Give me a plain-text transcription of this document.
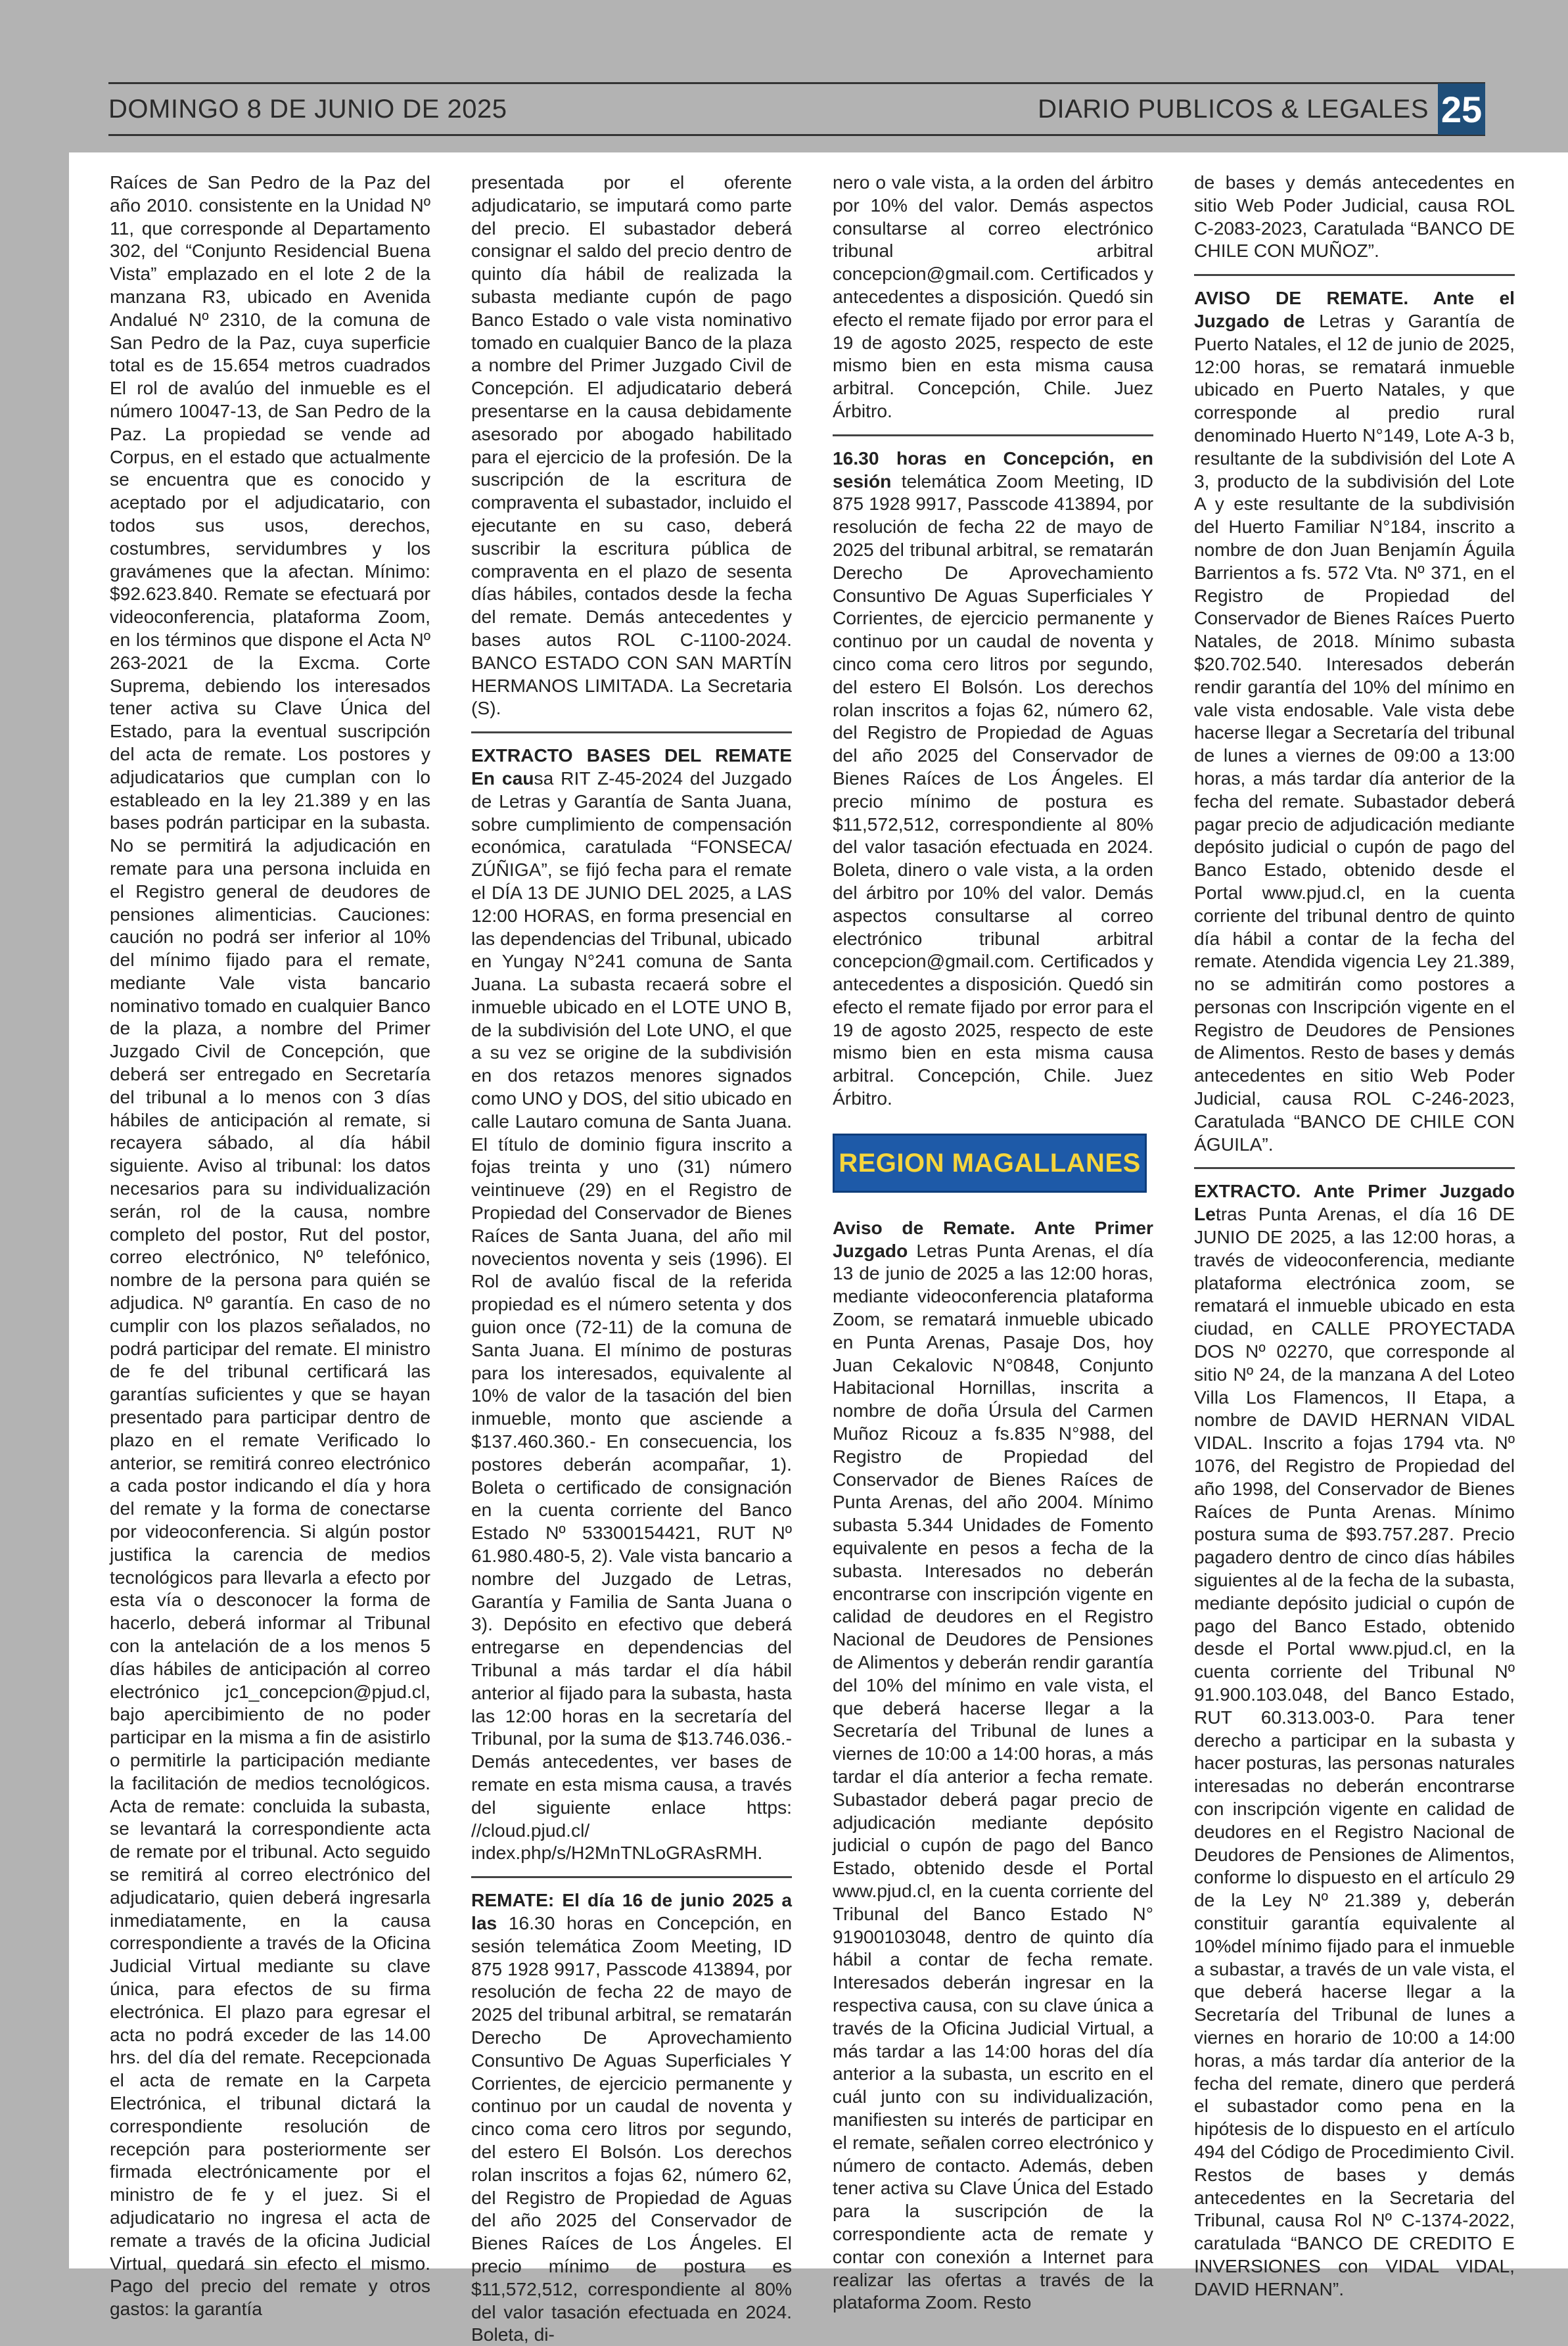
DOMINGO 8 DE JUNIO DE 2025	DIARIO PUBLICOS & LEGALES 25

Raíces de San Pedro de la Paz del año 2010. consistente en la Unidad Nº 11, que corresponde al Departamento 302, del “Conjunto Residencial Buena Vista” emplazado en el lote 2 de la manzana R3, ubicado en Avenida Andalué Nº 2310, de la comuna de San Pedro de la Paz, cuya superficie total es de 15.654 metros cuadrados El rol de avalúo del inmueble es el número 10047-13, de San Pedro de la Paz. La propiedad se vende ad Corpus, en el estado que actualmente se encuentra que es conocido y aceptado por el adjudicatario, con todos sus usos, derechos, costumbres, servidumbres y los gravámenes que la afectan. Mínimo: $92.623.840. Remate se efectuará por videoconferencia, plataforma Zoom, en los términos que dispone el Acta Nº 263-2021 de la Excma. Corte Suprema, debiendo los interesados tener activa su Clave Única del Estado, para la eventual suscripción del acta de remate. Los postores y adjudicatarios que cumplan con lo estableado en la ley 21.389 y en las bases podrán participar en la subasta. No se permitirá la adjudicación en remate para una persona incluida en el Registro general de deudores de pensiones alimenticias. Cauciones: caución no podrá ser inferior al 10% del mínimo fijado para el remate, mediante Vale vista bancario nominativo tomado en cualquier Banco de la plaza, a nombre del Primer Juzgado Civil de Concepción, que deberá ser entregado en Secretaría del tribunal a lo menos con 3 días hábiles de anticipación al remate, si recayera sábado, al día hábil siguiente. Aviso al tribunal: los datos necesarios para su individualización serán, rol de la causa, nombre completo del postor, Rut del postor, correo electrónico, Nº telefónico, nombre de la persona para quién se adjudica. Nº garantía. En caso de no cumplir con los plazos señalados, no podrá participar del remate. El ministro de fe del tribunal certificará las garantías suficientes y que se hayan presentado para participar dentro de plazo en el remate Verificado lo anterior, se remitirá conreo electrónico a cada postor indicando el día y hora del remate y la forma de conectarse por videoconferencia. Si algún postor justifica la carencia de medios tecnológicos para llevarla a efecto por esta vía o desconocer la forma de hacerlo, deberá informar al Tribunal con la antelación de a los menos 5 días hábiles de anticipación al correo electrónico jc1_concepcion@pjud.cl, bajo apercibimiento de no poder participar en la misma a fin de asistirlo o permitirle la participación mediante la facilitación de medios tecnológicos. Acta de remate: concluida la subasta, se levantará la correspondiente acta de remate por el tribunal. Acto seguido se remitirá al correo electrónico del adjudicatario, quien deberá ingresarla inmediatamente, en la causa correspondiente a través de la Oficina Judicial Virtual mediante su clave única, para efectos de su firma electrónica. El plazo para egresar el acta no podrá exceder de las 14.00 hrs. del día del remate. Recepcionada el acta de remate en la Carpeta Electrónica, el tribunal dictará la correspondiente resolución de recepción para posteriormente ser firmada electrónicamente por el ministro de fe y el juez. Si el adjudicatario no ingresa el acta de remate a través de la oficina Judicial Virtual, quedará sin efecto el mismo. Pago del precio del remate y otros gastos: la garantía

presentada por el oferente adjudicatario, se imputará como parte del precio. El subastador deberá consignar el saldo del precio dentro de quinto día hábil de realizada la subasta mediante cupón de pago Banco Estado o vale vista nominativo tomado en cualquier Banco de la plaza a nombre del Primer Juzgado Civil de Concepción. El adjudicatario deberá presentarse en la causa debidamente asesorado por abogado habilitado para el ejercicio de la profesión. De la suscripción de la escritura de compraventa el subastador, incluido el ejecutante en su caso, deberá suscribir la escritura pública de compraventa en el plazo de sesenta días hábiles, contados desde la fecha del remate. Demás antecedentes y bases autos ROL C-1100-2024. BANCO ESTADO CON SAN MARTÍN HERMANOS LIMITADA. La Secretaria (S).

EXTRACTO BASES DEL REMATE En causa RIT Z-45-2024 del Juzgado de Letras y Garantía de Santa Juana, sobre cumplimiento de compensación económica, caratulada “FONSECA/ ZÚÑIGA”, se fijó fecha para el remate el DÍA 13 DE JUNIO DEL 2025, a LAS 12:00 HORAS, en forma presencial en las dependencias del Tribunal, ubicado en Yungay N°241 comuna de Santa Juana. La subasta recaerá sobre el inmueble ubicado en el LOTE UNO B, de la subdivisión del Lote UNO, el que a su vez se origine de la subdivisión en dos retazos menores signados como UNO y DOS, del sitio ubicado en calle Lautaro comuna de Santa Juana. El título de dominio figura inscrito a fojas treinta y uno (31) número veintinueve (29) en el Registro de Propiedad del Conservador de Bienes Raíces de Santa Juana, del año mil novecientos noventa y seis (1996). El Rol de avalúo fiscal de la referida propiedad es el número setenta y dos guion once (72-11) de la comuna de Santa Juana. El mínimo de posturas para los interesados, equivalente al 10% de valor de la tasación del bien inmueble, monto que asciende a $137.460.360.- En consecuencia, los postores deberán acompañar, 1). Boleta o certificado de consignación en la cuenta corriente del Banco Estado Nº 53300154421, RUT Nº 61.980.480-5, 2). Vale vista bancario a nombre del Juzgado de Letras, Garantía y Familia de Santa Juana o 3). Depósito en efectivo que deberá entregarse en dependencias del Tribunal a más tardar el día hábil anterior al fijado para la subasta, hasta las 12:00 horas en la secretaría del Tribunal, por la suma de $13.746.036.- Demás antecedentes, ver bases de remate en esta misma causa, a través del siguiente enlace https: //cloud.pjud.cl/ index.php/s/H2MnTNLoGRAsRMH.

REMATE: El día 16 de junio 2025 a las 16.30 horas en Concepción, en sesión telemática Zoom Meeting, ID 875 1928 9917, Passcode 413894, por resolución de fecha 22 de mayo de 2025 del tribunal arbitral, se rematarán Derecho De Aprovechamiento Consuntivo De Aguas Superficiales Y Corrientes, de ejercicio permanente y continuo por un caudal de noventa y cinco coma cero litros por segundo, del estero El Bolsón. Los derechos rolan inscritos a fojas 62, número 62, del Registro de Propiedad de Aguas del año 2025 del Conservador de Bienes Raíces de Los Ángeles. El precio mínimo de postura es $11,572,512, correspondiente al 80% del valor tasación efectuada en 2024. Boleta, di-

nero o vale vista, a la orden del árbitro por 10% del valor. Demás aspectos consultarse al correo electrónico tribunal arbitral concepcion@gmail.com. Certificados y antecedentes a disposición. Quedó sin efecto el remate fijado por error para el 19 de agosto 2025, respecto de este mismo bien en esta misma causa arbitral. Concepción, Chile. Juez Árbitro.

16.30 horas en Concepción, en sesión telemática Zoom Meeting, ID 875 1928 9917, Passcode 413894, por resolución de fecha 22 de mayo de 2025 del tribunal arbitral, se rematarán Derecho De Aprovechamiento Consuntivo De Aguas Superficiales Y Corrientes, de ejercicio permanente y continuo por un caudal de noventa y cinco coma cero litros por segundo, del estero El Bolsón. Los derechos rolan inscritos a fojas 62, número 62, del Registro de Propiedad de Aguas del año 2025 del Conservador de Bienes Raíces de Los Ángeles. El precio mínimo de postura es $11,572,512, correspondiente al 80% del valor tasación efectuada en 2024. Boleta, dinero o vale vista, a la orden del árbitro por 10% del valor. Demás aspectos consultarse al correo electrónico tribunal arbitral concepcion@gmail.com. Certificados y antecedentes a disposición. Quedó sin efecto el remate fijado por error para el 19 de agosto 2025, respecto de este mismo bien en esta misma causa arbitral. Concepción, Chile. Juez Árbitro.

REGION MAGALLANES

Aviso de Remate. Ante Primer Juzgado Letras Punta Arenas, el día 13 de junio de 2025 a las 12:00 horas, mediante videoconferencia plataforma Zoom, se rematará inmueble ubicado en Punta Arenas, Pasaje Dos, hoy Juan Cekalovic N°0848, Conjunto Habitacional Hornillas, inscrita a nombre de doña Úrsula del Carmen Muñoz Ricouz a fs.835 N°988, del Registro de Propiedad del Conservador de Bienes Raíces de Punta Arenas, del año 2004. Mínimo subasta 5.344 Unidades de Fomento equivalente en pesos a fecha de la subasta. Interesados no deberán encontrarse con inscripción vigente en calidad de deudores en el Registro Nacional de Deudores de Pensiones de Alimentos y deberán rendir garantía del 10% del mínimo en vale vista, el que deberá hacerse llegar a la Secretaría del Tribunal de lunes a viernes de 10:00 a 14:00 horas, a más tardar el día anterior a fecha remate. Subastador deberá pagar precio de adjudicación mediante depósito judicial o cupón de pago del Banco Estado, obtenido desde el Portal www.pjud.cl, en la cuenta corriente del Tribunal del Banco Estado N° 91900103048, dentro de quinto día hábil a contar de fecha remate. Interesados deberán ingresar en la respectiva causa, con su clave única a través de la Oficina Judicial Virtual, a más tardar a las 14:00 horas del día anterior a la subasta, un escrito en el cuál junto con su individualización, manifiesten su interés de participar en el remate, señalen correo electrónico y número de contacto. Además, deben tener activa su Clave Única del Estado para la suscripción de la correspondiente acta de remate y contar con conexión a Internet para realizar las ofertas a través de la plataforma Zoom. Resto

de bases y demás antecedentes en sitio Web Poder Judicial, causa ROL C-2083-2023, Caratulada “BANCO DE CHILE CON MUÑOZ”.

AVISO DE REMATE. Ante el Juzgado de Letras y Garantía de Puerto Natales, el 12 de junio de 2025, 12:00 horas, se rematará inmueble ubicado en Puerto Natales, y que corresponde al predio rural denominado Huerto N°149, Lote A-3 b, resultante de la subdivisión del Lote A 3, producto de la subdivisión del Lote A y este resultante de la subdivisión del Huerto Familiar N°184, inscrito a nombre de don Juan Benjamín Águila Barrientos a fs. 572 Vta. Nº 371, en el Registro de Propiedad del Conservador de Bienes Raíces Puerto Natales, de 2018. Mínimo subasta $20.702.540. Interesados deberán rendir garantía del 10% del mínimo en vale vista endosable. Vale vista debe hacerse llegar a Secretaría del tribunal de lunes a viernes de 09:00 a 13:00 horas, a más tardar día anterior de la fecha del remate. Subastador deberá pagar precio de adjudicación mediante depósito judicial o cupón de pago del Banco Estado, obtenido desde el Portal www.pjud.cl, en la cuenta corriente del tribunal dentro de quinto día hábil a contar de la fecha del remate. Atendida vigencia Ley 21.389, no se admitirán como postores a personas con Inscripción vigente en el Registro de Deudores de Pensiones de Alimentos. Resto de bases y demás antecedentes en sitio Web Poder Judicial, causa ROL C-246-2023, Caratulada “BANCO DE CHILE CON ÁGUILA”.

EXTRACTO. Ante Primer Juzgado Letras Punta Arenas, el día 16 DE JUNIO DE 2025, a las 12:00 horas, a través de videoconferencia, mediante plataforma electrónica zoom, se rematará el inmueble ubicado en esta ciudad, en CALLE PROYECTADA DOS Nº 02270, que corresponde al sitio Nº 24, de la manzana A del Loteo Villa Los Flamencos, II Etapa, a nombre de DAVID HERNAN VIDAL VIDAL. Inscrito a fojas 1794 vta. Nº 1076, del Registro de Propiedad del año 1998, del Conservador de Bienes Raíces de Punta Arenas. Mínimo postura suma de $93.757.287. Precio pagadero dentro de cinco días hábiles siguientes al de la fecha de la subasta, mediante depósito judicial o cupón de pago del Banco Estado, obtenido desde el Portal www.pjud.cl, en la cuenta corriente del Tribunal Nº 91.900.103.048, del Banco Estado, RUT 60.313.003-0. Para tener derecho a participar en la subasta y hacer posturas, las personas naturales interesadas no deberán encontrarse con inscripción vigente en calidad de deudores en el Registro Nacional de Deudores de Pensiones de Alimentos, conforme lo dispuesto en el artículo 29 de la Ley Nº 21.389 y, deberán constituir garantía equivalente al 10%del mínimo fijado para el inmueble a subastar, a través de un vale vista, el que deberá hacerse llegar a la Secretaría del Tribunal de lunes a viernes en horario de 10:00 a 14:00 horas, a más tardar día anterior de la fecha del remate, dinero que perderá el subastador como pena en la hipótesis de lo dispuesto en el artículo 494 del Código de Procedimiento Civil. Restos de bases y demás antecedentes en la Secretaria del Tribunal, causa Rol Nº C-1374-2022, caratulada “BANCO DE CREDITO E INVERSIONES con VIDAL VIDAL, DAVID HERNAN”.
